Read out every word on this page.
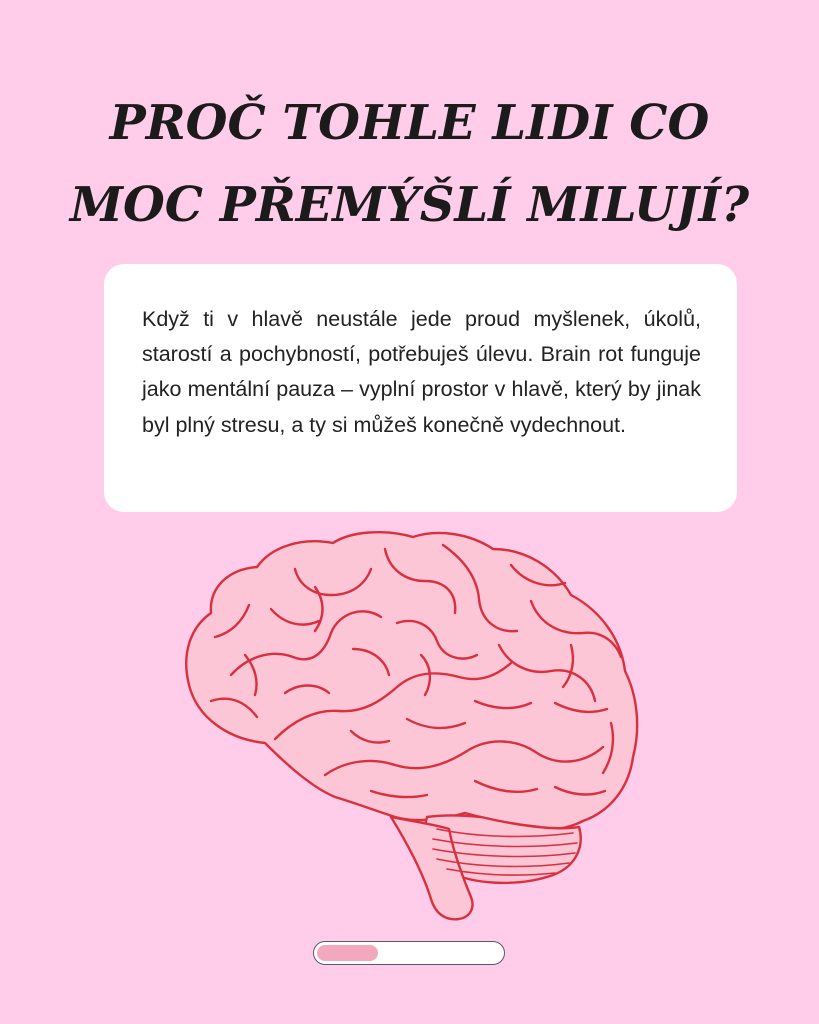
PROČ TOHLE LIDI CO
MOC PŘEMÝŠLÍ MILUJÍ?

Když ti v hlavě neustále jede proud myšlenek, úkolů, starostí a pochybností, potřebuješ úlevu. Brain rot funguje jako mentální pauza – vyplní prostor v hlavě, který by jinak byl plný stresu, a ty si můžeš konečně vydechnout.
